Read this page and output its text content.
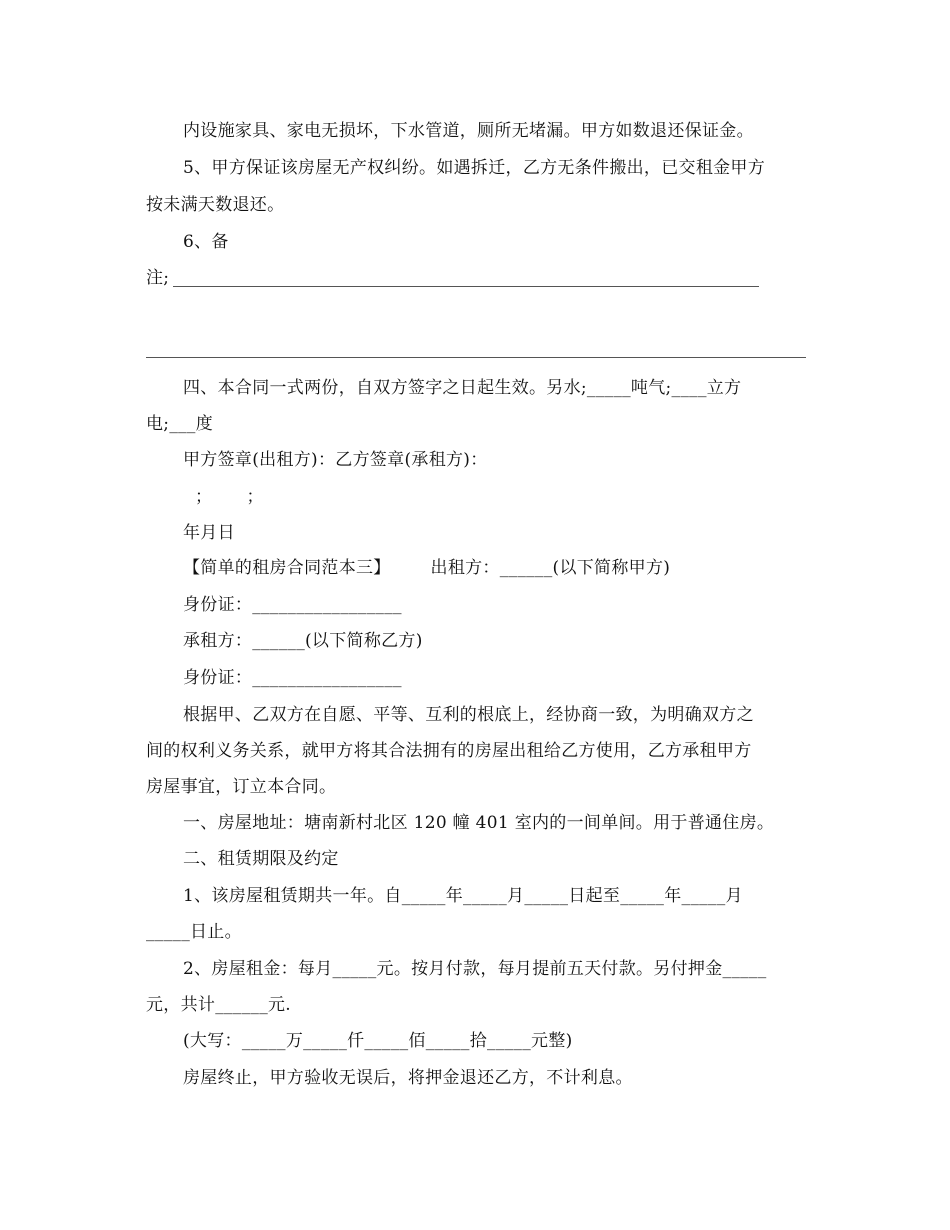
内设施家具、家电无损坏，下水管道，厕所无堵漏。甲方如数退还保证金。
5、甲方保证该房屋无产权纠纷。如遇拆迁，乙方无条件搬出，已交租金甲方
按未满天数退还。
6、备
注;
四、本合同一式两份，自双方签字之日起生效。另水;_____吨气;____立方
电;___度
甲方签章(出租方)：乙方签章(承租方)：
；      ；
年月日
【简单的租房合同范本三】       出租方：______(以下简称甲方)
身份证：_________________
承租方：______(以下简称乙方)
身份证：_________________
根据甲、乙双方在自愿、平等、互利的根底上，经协商一致，为明确双方之
间的权利义务关系，就甲方将其合法拥有的房屋出租给乙方使用，乙方承租甲方
房屋事宜，订立本合同。
一、房屋地址：塘南新村北区 120 幢 401 室内的一间单间。用于普通住房。
二、租赁期限及约定
1、该房屋租赁期共一年。自_____年_____月_____日起至_____年_____月
_____日止。
2、房屋租金：每月_____元。按月付款，每月提前五天付款。另付押金_____
元，共计______元.
(大写：_____万_____仟_____佰_____拾_____元整)
房屋终止，甲方验收无误后，将押金退还乙方，不计利息。
